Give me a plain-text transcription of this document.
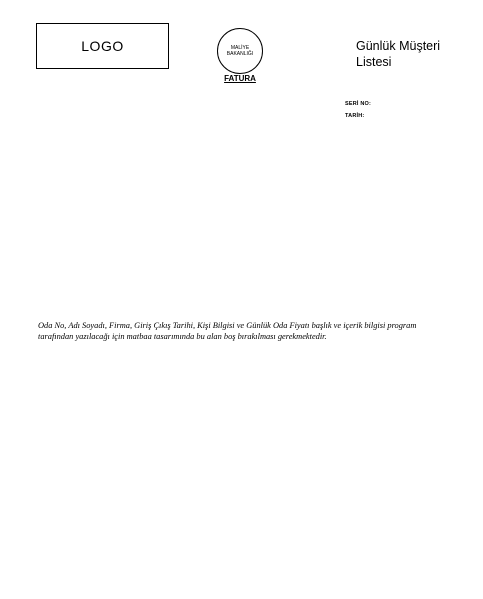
LOGO	MALİYE
BAKANLIĞI
FATURA
Günlük Müşteri
Listesi
SERİ NO:
TARİH:
Oda No, Adı Soyadı, Firma, Giriş Çıkış Tarihi, Kişi Bilgisi ve Günlük Oda Fiyatı başlık ve içerik bilgisi program tarafından yazılacağı için matbaa tasarımında bu alan boş bırakılması gerekmektedir.
